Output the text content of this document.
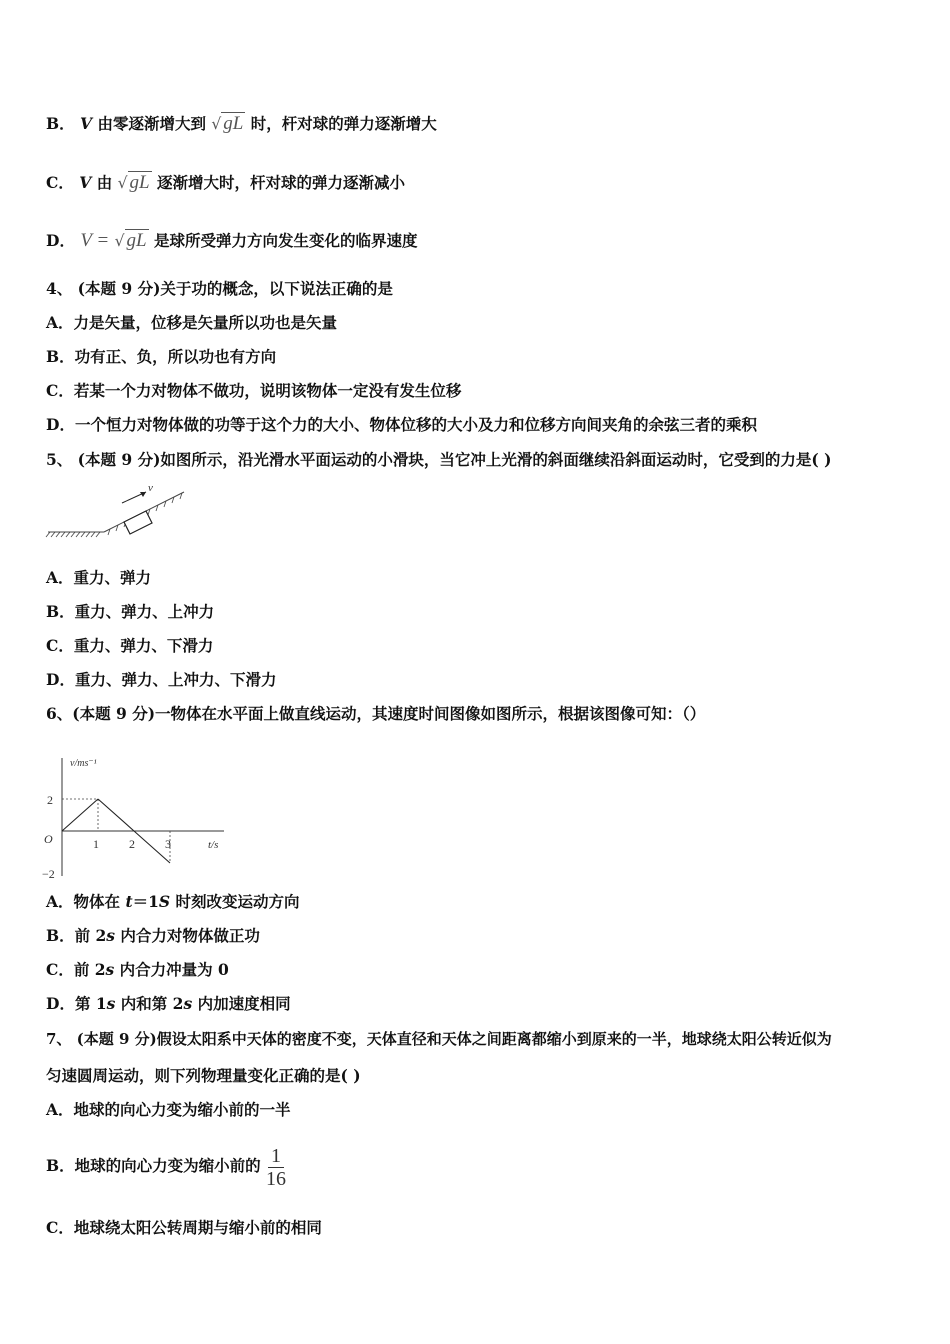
B． V 由零逐渐增大到 √ gL 时，杆对球的弹力逐渐增大
C． V 由 √ gL 逐渐增大时，杆对球的弹力逐渐减小
D． V = √ gL 是球所受弹力方向发生变化的临界速度
4、 (本题 9 分)关于功的概念，以下说法正确的是
A．力是矢量，位移是矢量所以功也是矢量
B．功有正、负，所以功也有方向
C．若某一个力对物体不做功，说明该物体一定没有发生位移
D．一个恒力对物体做的功等于这个力的大小、物体位移的大小及力和位移方向间夹角的余弦三者的乘积
5、 (本题 9 分)如图所示，沿光滑水平面运动的小滑块，当它冲上光滑的斜面继续沿斜面运动时，它受到的力是( )
v
A．重力、弹力
B．重力、弹力、上冲力
C．重力、弹力、下滑力
D．重力、弹力、上冲力、下滑力
6、(本题 9 分)一物体在水平面上做直线运动，其速度时间图像如图所示，根据该图像可知：（）
v/ms⁻¹
t/s
O
2
−2
1	2	3
A．物体在 t＝1S 时刻改变运动方向
B．前 2s 内合力对物体做正功
C．前 2s 内合力冲量为 0
D．第 1s 内和第 2s 内加速度相同
7、 (本题 9 分)假设太阳系中天体的密度不变，天体直径和天体之间距离都缩小到原来的一半，地球绕太阳公转近似为
匀速圆周运动，则下列物理量变化正确的是( )
A．地球的向心力变为缩小前的一半
B．地球的向心力变为缩小前的 $\frac{1}{16}$
C．地球绕太阳公转周期与缩小前的相同
